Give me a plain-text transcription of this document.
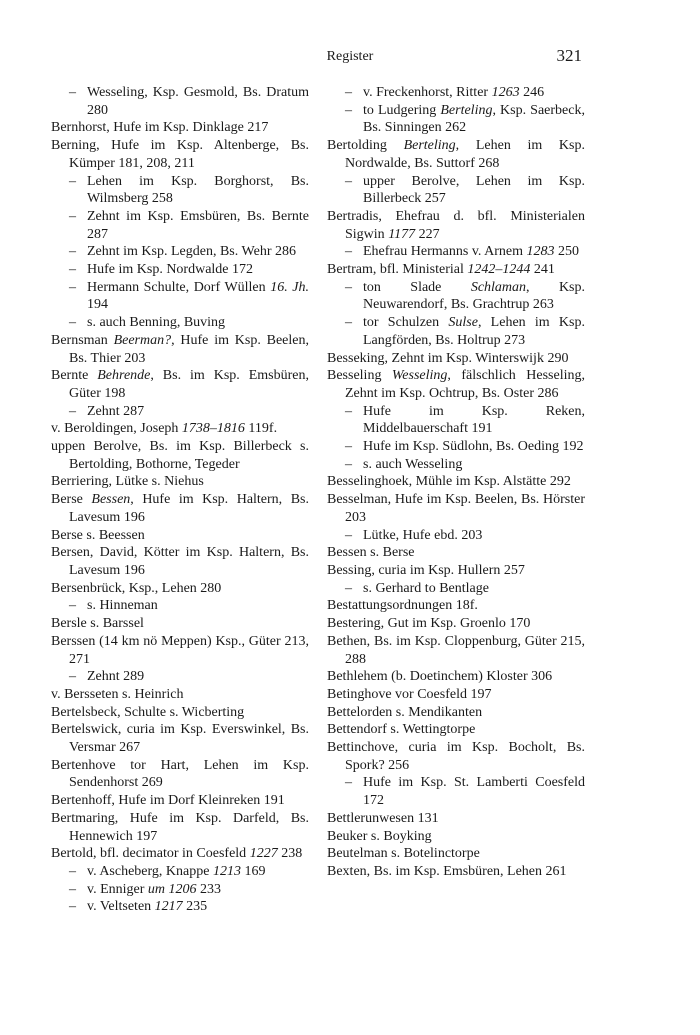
Register	321
– Wesseling, Ksp. Gesmold, Bs. Dratum 280
Bernhorst, Hufe im Ksp. Dinklage 217
Berning, Hufe im Ksp. Altenberge, Bs. Kümper 181, 208, 211
– Lehen im Ksp. Borghorst, Bs. Wilmsberg 258
– Zehnt im Ksp. Emsbüren, Bs. Bernte 287
– Zehnt im Ksp. Legden, Bs. Wehr 286
– Hufe im Ksp. Nordwalde 172
– Hermann Schulte, Dorf Wüllen 16. Jh. 194
– s. auch Benning, Buving
Bernsman Beerman?, Hufe im Ksp. Beelen, Bs. Thier 203
Bernte Behrende, Bs. im Ksp. Emsbüren, Güter 198
– Zehnt 287
v. Beroldingen, Joseph 1738–1816 119f.
uppen Berolve, Bs. im Ksp. Billerbeck s. Bertolding, Bothorne, Tegeder
Berriering, Lütke s. Niehus
Berse Bessen, Hufe im Ksp. Haltern, Bs. Lavesum 196
Berse s. Beessen
Bersen, David, Kötter im Ksp. Haltern, Bs. Lavesum 196
Bersenbrück, Ksp., Lehen 280
– s. Hinneman
Bersle s. Barssel
Berssen (14 km nö Meppen) Ksp., Güter 213, 271
– Zehnt 289
v. Bersseten s. Heinrich
Bertelsbeck, Schulte s. Wicberting
Bertelswick, curia im Ksp. Everswinkel, Bs. Versmar 267
Bertenhove tor Hart, Lehen im Ksp. Sendenhorst 269
Bertenhoff, Hufe im Dorf Kleinreken 191
Bertmaring, Hufe im Ksp. Darfeld, Bs. Hennewich 197
Bertold, bfl. decimator in Coesfeld 1227 238
– v. Ascheberg, Knappe 1213 169
– v. Enniger um 1206 233
– v. Veltseten 1217 235
– v. Freckenhorst, Ritter 1263 246
– to Ludgering Berteling, Ksp. Saerbeck, Bs. Sinningen 262
Bertolding Berteling, Lehen im Ksp. Nordwalde, Bs. Suttorf 268
– upper Berolve, Lehen im Ksp. Billerbeck 257
Bertradis, Ehefrau d. bfl. Ministerialen Sigwin 1177 227
– Ehefrau Hermanns v. Arnem 1283 250
Bertram, bfl. Ministerial 1242–1244 241
– ton Slade Schlaman, Ksp. Neuwarendorf, Bs. Grachtrup 263
– tor Schulzen Sulse, Lehen im Ksp. Langförden, Bs. Holtrup 273
Besseking, Zehnt im Ksp. Winterswijk 290
Besseling Wesseling, fälschlich Hesseling, Zehnt im Ksp. Ochtrup, Bs. Oster 286
– Hufe im Ksp. Reken, Middelbauerschaft 191
– Hufe im Ksp. Südlohn, Bs. Oeding 192
– s. auch Wesseling
Besselinghoek, Mühle im Ksp. Alstätte 292
Besselman, Hufe im Ksp. Beelen, Bs. Hörster 203
– Lütke, Hufe ebd. 203
Bessen s. Berse
Bessing, curia im Ksp. Hullern 257
– s. Gerhard to Bentlage
Bestattungsordnungen 18f.
Bestering, Gut im Ksp. Groenlo 170
Bethen, Bs. im Ksp. Cloppenburg, Güter 215, 288
Bethlehem (b. Doetinchem) Kloster 306
Betinghove vor Coesfeld 197
Bettelorden s. Mendikanten
Bettendorf s. Wettingtorpe
Bettinchove, curia im Ksp. Bocholt, Bs. Spork? 256
– Hufe im Ksp. St. Lamberti Coesfeld 172
Bettlerunwesen 131
Beuker s. Boyking
Beutelman s. Botelinctorpe
Bexten, Bs. im Ksp. Emsbüren, Lehen 261
